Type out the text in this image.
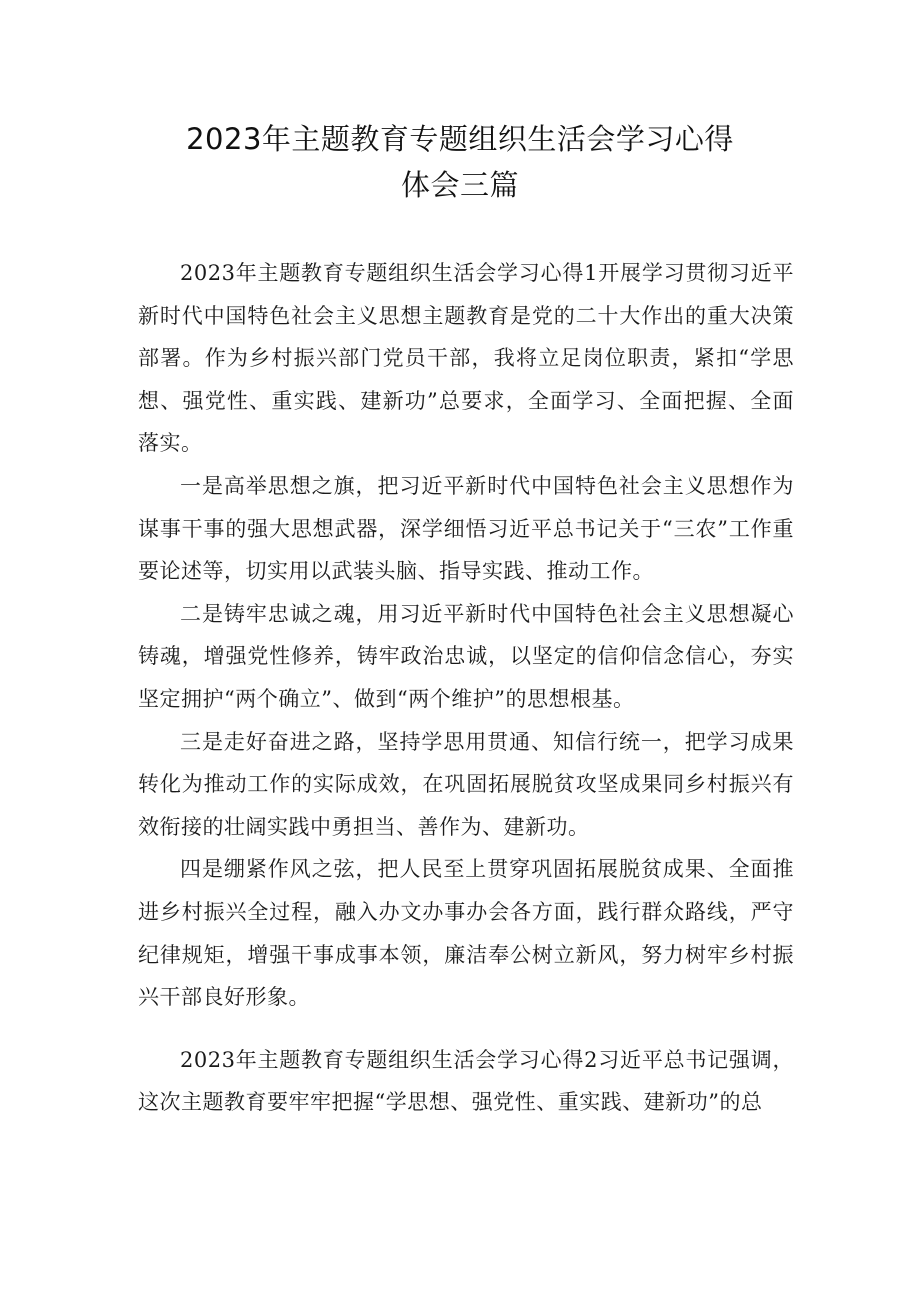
2023年主题教育专题组织生活会学习心得
体会三篇

2023年主题教育专题组织生活会学习心得1开展学习贯彻习近平新时代中国特色社会主义思想主题教育是党的二十大作出的重大决策部署。作为乡村振兴部门党员干部，我将立足岗位职责，紧扣“学思想、强党性、重实践、建新功”总要求，全面学习、全面把握、全面落实。

一是高举思想之旗，把习近平新时代中国特色社会主义思想作为谋事干事的强大思想武器，深学细悟习近平总书记关于“三农”工作重要论述等，切实用以武装头脑、指导实践、推动工作。

二是铸牢忠诚之魂，用习近平新时代中国特色社会主义思想凝心铸魂，增强党性修养，铸牢政治忠诚，以坚定的信仰信念信心，夯实坚定拥护“两个确立”、做到“两个维护”的思想根基。

三是走好奋进之路，坚持学思用贯通、知信行统一，把学习成果转化为推动工作的实际成效，在巩固拓展脱贫攻坚成果同乡村振兴有效衔接的壮阔实践中勇担当、善作为、建新功。

四是绷紧作风之弦，把人民至上贯穿巩固拓展脱贫成果、全面推进乡村振兴全过程，融入办文办事办会各方面，践行群众路线，严守纪律规矩，增强干事成事本领，廉洁奉公树立新风，努力树牢乡村振兴干部良好形象。

2023年主题教育专题组织生活会学习心得2习近平总书记强调，这次主题教育要牢牢把握“学思想、强党性、重实践、建新功”的总
